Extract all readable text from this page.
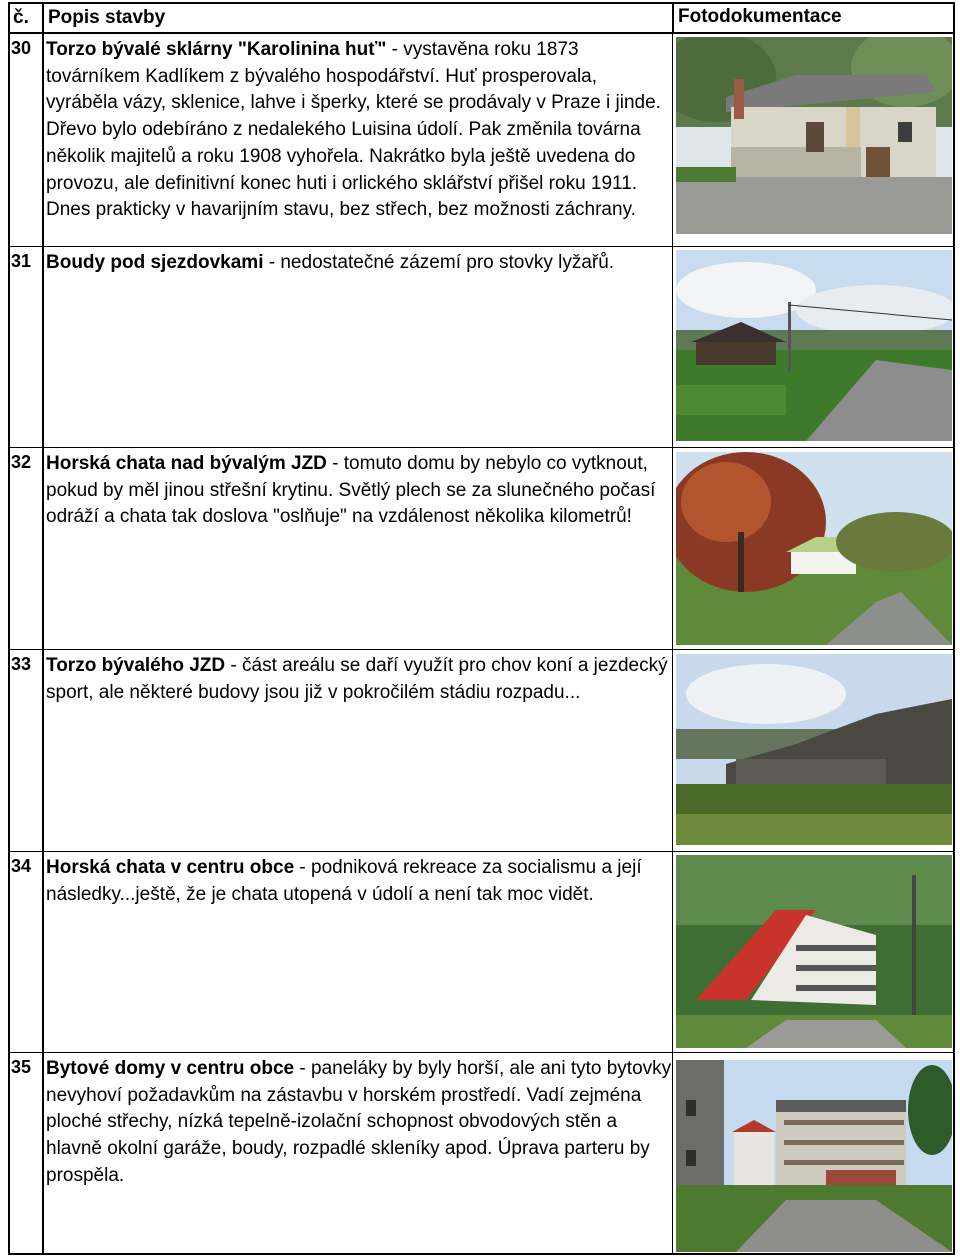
č. Popis stavby	Fotodokumentace
30 Torzo bývalé sklárny "Karolinina huť" - vystavěna roku 1873 továrníkem Kadlíkem z bývalého hospodářství. Huť prosperovala, vyráběla vázy, sklenice, lahve i šperky, které se prodávaly v Praze i jinde. Dřevo bylo odebíráno z nedalekého Luisina údolí. Pak změnila továrna několik majitelů a roku 1908 vyhořela. Nakrátko byla ještě uvedena do provozu, ale definitivní konec huti i orlického sklářství přišel roku 1911. Dnes prakticky v havarijním stavu, bez střech, bez možnosti záchrany.

31 Boudy pod sjezdovkami - nedostatečné zázemí pro stovky lyžařů.

32 Horská chata nad bývalým JZD - tomuto domu by nebylo co vytknout, pokud by měl jinou střešní krytinu. Světlý plech se za slunečného počasí odráží a chata tak doslova "oslňuje" na vzdálenost několika kilometrů!

33 Torzo bývalého JZD - část areálu se daří využít pro chov koní a jezdecký sport, ale některé budovy jsou již v pokročilém stádiu rozpadu...

34 Horská chata v centru obce - podniková rekreace za socialismu a její následky...ještě, že je chata utopená v údolí a není tak moc vidět.

35 Bytové domy v centru obce - paneláky by byly horší, ale ani tyto bytovky nevyhoví požadavkům na zástavbu v horském prostředí. Vadí zejména ploché střechy, nízká tepelně-izolační schopnost obvodových stěn a hlavně okolní garáže, boudy, rozpadlé skleníky apod. Úprava parteru by prospěla.
